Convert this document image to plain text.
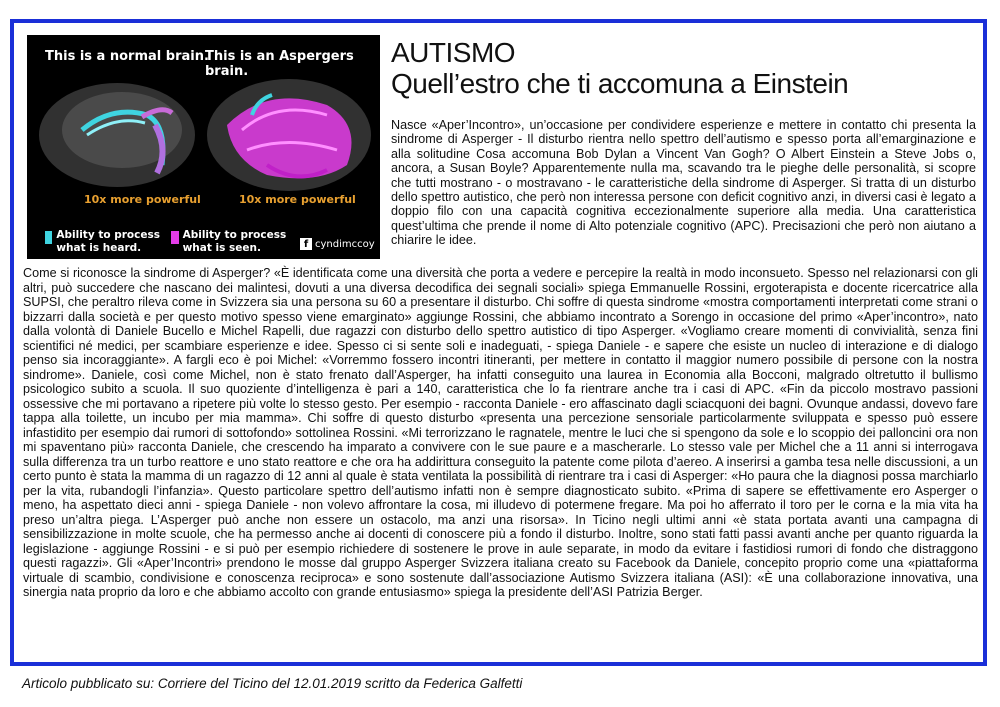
This is a normal brain.
This is an Aspergers brain.
10x more powerful	10x more powerful
Ability to process what is heard.
Ability to process what is seen.	f cyndimccoy
AUTISMO
Quell’estro che ti accomuna a Einstein

Nasce «Aper’Incontro», un’occasione per condividere esperienze e mettere in contatto chi presenta la sindrome di Asperger - Il disturbo rientra nello spettro dell’autismo e spesso porta all’emarginazione e alla solitudine Cosa accomuna Bob Dylan a Vincent Van Gogh? O Albert Einstein a Steve Jobs o, ancora, a Susan Boyle? Apparentemente nulla ma, scavando tra le pieghe delle personalità, si scopre che tutti mostrano - o mostravano - le caratteristiche della sindrome di Asperger. Si tratta di un disturbo dello spettro autistico, che però non interessa persone con deficit cognitivo anzi, in diversi casi è legato a doppio filo con una capacità cognitiva eccezionalmente superiore alla media. Una caratteristica quest’ultima che prende il nome di Alto potenziale cognitivo (APC). Precisazioni che però non aiutano a chiarire le idee.

Come si riconosce la sindrome di Asperger? «È identificata come una diversità che porta a vedere e percepire la realtà in modo inconsueto. Spesso nel relazionarsi con gli altri, può succedere che nascano dei malintesi, dovuti a una diversa decodifica dei segnali sociali» spiega Emmanuelle Rossini, ergoterapista e docente ricercatrice alla SUPSI, che peraltro rileva come in Svizzera sia una persona su 60 a presentare il disturbo. Chi soffre di questa sindrome «mostra comportamenti interpretati come strani o bizzarri dalla società e per questo motivo spesso viene emarginato» aggiunge Rossini, che abbiamo incontrato a Sorengo in occasione del primo «Aper’incontro», nato dalla volontà di Daniele Bucello e Michel Rapelli, due ragazzi con disturbo dello spettro autistico di tipo Asperger. «Vogliamo creare momenti di convivialità, senza fini scientifici né medici, per scambiare esperienze e idee. Spesso ci si sente soli e inadeguati, - spiega Daniele - e sapere che esiste un nucleo di interazione e di dialogo penso sia incoraggiante». A fargli eco è poi Michel: «Vorremmo fossero incontri itineranti, per mettere in contatto il maggior numero possibile di persone con la nostra sindrome». Daniele, così come Michel, non è stato frenato dall’Asperger, ha infatti conseguito una laurea in Economia alla Bocconi, malgrado oltretutto il bullismo psicologico subito a scuola. Il suo quoziente d’intelligenza è pari a 140, caratteristica che lo fa rientrare anche tra i casi di APC. «Fin da piccolo mostravo passioni ossessive che mi portavano a ripetere più volte lo stesso gesto. Per esempio - racconta Daniele - ero affascinato dagli sciacquoni dei bagni. Ovunque andassi, dovevo fare tappa alla toilette, un incubo per mia mamma». Chi soffre di questo disturbo «presenta una percezione sensoriale particolarmente sviluppata e spesso può essere infastidito per esempio dai rumori di sottofondo» sottolinea Rossini. «Mi terrorizzano le ragnatele, mentre le luci che si spengono da sole e lo scoppio dei palloncini ora non mi spaventano più» racconta Daniele, che crescendo ha imparato a convivere con le sue paure e a mascherarle. Lo stesso vale per Michel che a 11 anni si interrogava sulla differenza tra un turbo reattore e uno stato reattore e che ora ha addirittura conseguito la patente come pilota d’aereo. A inserirsi a gamba tesa nelle discussioni, a un certo punto è stata la mamma di un ragazzo di 12 anni al quale è stata ventilata la possibilità di rientrare tra i casi di Asperger: «Ho paura che la diagnosi possa marchiarlo per la vita, rubandogli l’infanzia». Questo particolare spettro dell’autismo infatti non è sempre diagnosticato subito. «Prima di sapere se effettivamente ero Asperger o meno, ha aspettato dieci anni - spiega Daniele - non volevo affrontare la cosa, mi illudevo di potermene fregare. Ma poi ho afferrato il toro per le corna e la mia vita ha preso un’altra piega. L’Asperger può anche non essere un ostacolo, ma anzi una risorsa». In Ticino negli ultimi anni «è stata portata avanti una campagna di sensibilizzazione in molte scuole, che ha permesso anche ai docenti di conoscere più a fondo il disturbo. Inoltre, sono stati fatti passi avanti anche per quanto riguarda la legislazione - aggiunge Rossini - e si può per esempio richiedere di sostenere le prove in aule separate, in modo da evitare i fastidiosi rumori di fondo che distraggono questi ragazzi». Gli «Aper’Incontri» prendono le mosse dal gruppo Asperger Svizzera italiana creato su Facebook da Daniele, concepito proprio come una «piattaforma virtuale di scambio, condivisione e conoscenza reciproca» e sono sostenute dall’associazione Autismo Svizzera italiana (ASI): «È una collaborazione innovativa, una sinergia nata proprio da loro e che abbiamo accolto con grande entusiasmo» spiega la presidente dell’ASI Patrizia Berger.

Articolo pubblicato su: Corriere del Ticino del 12.01.2019 scritto da Federica Galfetti
